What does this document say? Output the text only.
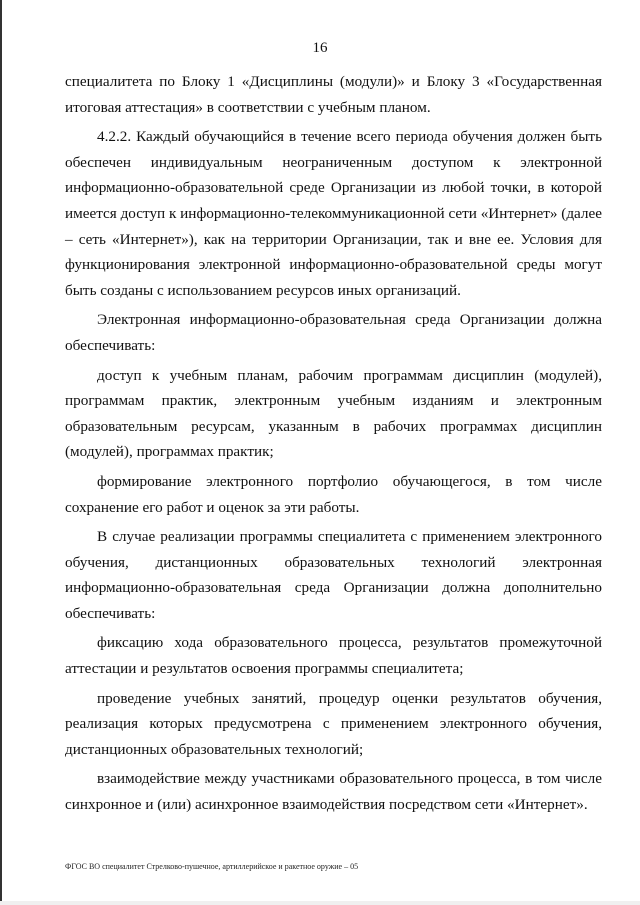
16

специалитета по Блоку 1 «Дисциплины (модули)» и Блоку 3 «Государственная итоговая аттестация» в соответствии с учебным планом.

4.2.2. Каждый обучающийся в течение всего периода обучения должен быть обеспечен индивидуальным неограниченным доступом к электронной информационно-образовательной среде Организации из любой точки, в которой имеется доступ к информационно-телекоммуникационной сети «Интернет» (далее – сеть «Интернет»), как на территории Организации, так и вне ее. Условия для функционирования электронной информационно-образовательной среды могут быть созданы с использованием ресурсов иных организаций.

Электронная информационно-образовательная среда Организации должна обеспечивать:

доступ к учебным планам, рабочим программам дисциплин (модулей), программам практик, электронным учебным изданиям и электронным образовательным ресурсам, указанным в рабочих программах дисциплин (модулей), программах практик;

формирование электронного портфолио обучающегося, в том числе сохранение его работ и оценок за эти работы.

В случае реализации программы специалитета с применением электронного обучения, дистанционных образовательных технологий электронная информационно-образовательная среда Организации должна дополнительно обеспечивать:

фиксацию хода образовательного процесса, результатов промежуточной аттестации и результатов освоения программы специалитета;

проведение учебных занятий, процедур оценки результатов обучения, реализация которых предусмотрена с применением электронного обучения, дистанционных образовательных технологий;

взаимодействие между участниками образовательного процесса, в том числе синхронное и (или) асинхронное взаимодействия посредством сети «Интернет».

ФГОС ВО специалитет Стрелково-пушечное, артиллерийское и ракетное оружие – 05
